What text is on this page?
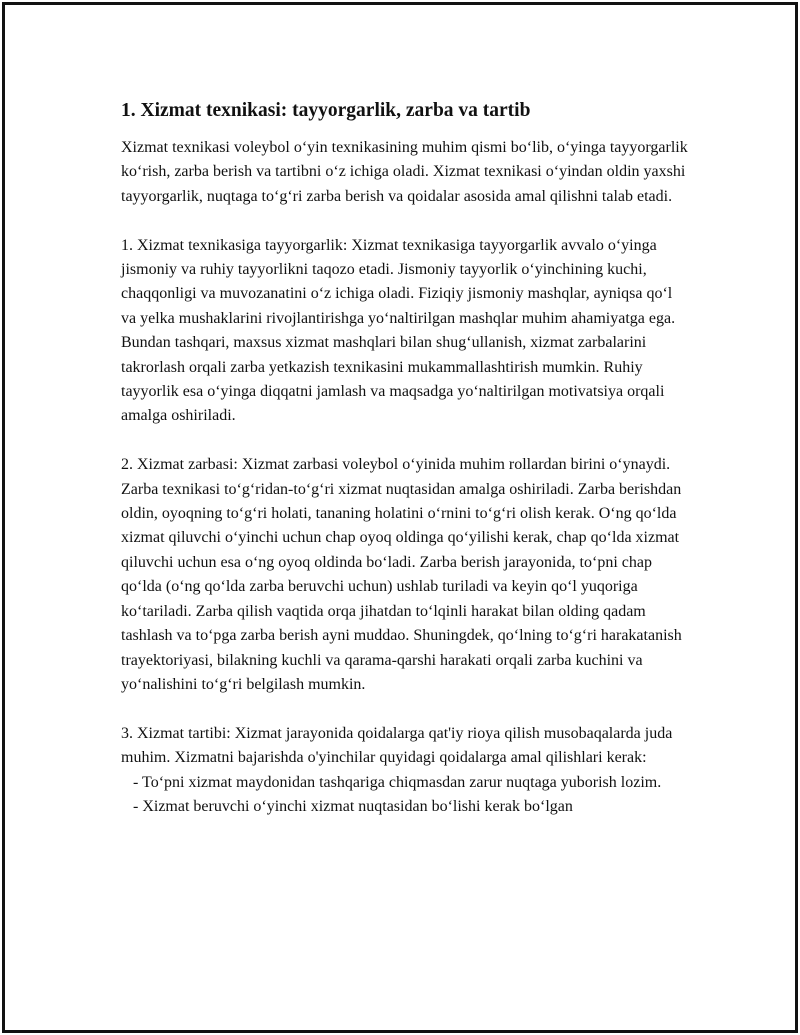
1. Xizmat texnikasi: tayyorgarlik, zarba va tartib

Xizmat texnikasi voleybol o‘yin texnikasining muhim qismi bo‘lib, o‘yinga tayyorgarlik ko‘rish, zarba berish va tartibni o‘z ichiga oladi. Xizmat texnikasi o‘yindan oldin yaxshi tayyorgarlik, nuqtaga to‘g‘ri zarba berish va qoidalar asosida amal qilishni talab etadi.

1. Xizmat texnikasiga tayyorgarlik: Xizmat texnikasiga tayyorgarlik avvalo o‘yinga jismoniy va ruhiy tayyorlikni taqozo etadi. Jismoniy tayyorlik o‘yinchining kuchi, chaqqonligi va muvozanatini o‘z ichiga oladi. Fiziqiy jismoniy mashqlar, ayniqsa qo‘l va yelka mushaklarini rivojlantirishga yo‘naltirilgan mashqlar muhim ahamiyatga ega. Bundan tashqari, maxsus xizmat mashqlari bilan shug‘ullanish, xizmat zarbalarini takrorlash orqali zarba yetkazish texnikasini mukammallashtirish mumkin. Ruhiy tayyorlik esa o‘yinga diqqatni jamlash va maqsadga yo‘naltirilgan motivatsiya orqali amalga oshiriladi.

2. Xizmat zarbasi: Xizmat zarbasi voleybol o‘yinida muhim rollardan birini o‘ynaydi. Zarba texnikasi to‘g‘ridan-to‘g‘ri xizmat nuqtasidan amalga oshiriladi. Zarba berishdan oldin, oyoqning to‘g‘ri holati, tananing holatini o‘rnini to‘g‘ri olish kerak. O‘ng qo‘lda xizmat qiluvchi o‘yinchi uchun chap oyoq oldinga qo‘yilishi kerak, chap qo‘lda xizmat qiluvchi uchun esa o‘ng oyoq oldinda bo‘ladi. Zarba berish jarayonida, to‘pni chap qo‘lda (o‘ng qo‘lda zarba beruvchi uchun) ushlab turiladi va keyin qo‘l yuqoriga ko‘tariladi. Zarba qilish vaqtida orqa jihatdan to‘lqinli harakat bilan olding qadam tashlash va to‘pga zarba berish ayni muddao. Shuningdek, qo‘lning to‘g‘ri harakatanish trayektoriyasi, bilakning kuchli va qarama-qarshi harakati orqali zarba kuchini va yo‘nalishini to‘g‘ri belgilash mumkin.

3. Xizmat tartibi: Xizmat jarayonida qoidalarga qat'iy rioya qilish musobaqalarda juda muhim. Xizmatni bajarishda o'yinchilar quyidagi qoidalarga amal qilishlari kerak:

- To‘pni xizmat maydonidan tashqariga chiqmasdan zarur nuqtaga yuborish lozim.

- Xizmat beruvchi o‘yinchi xizmat nuqtasidan bo‘lishi kerak bo‘lgan
